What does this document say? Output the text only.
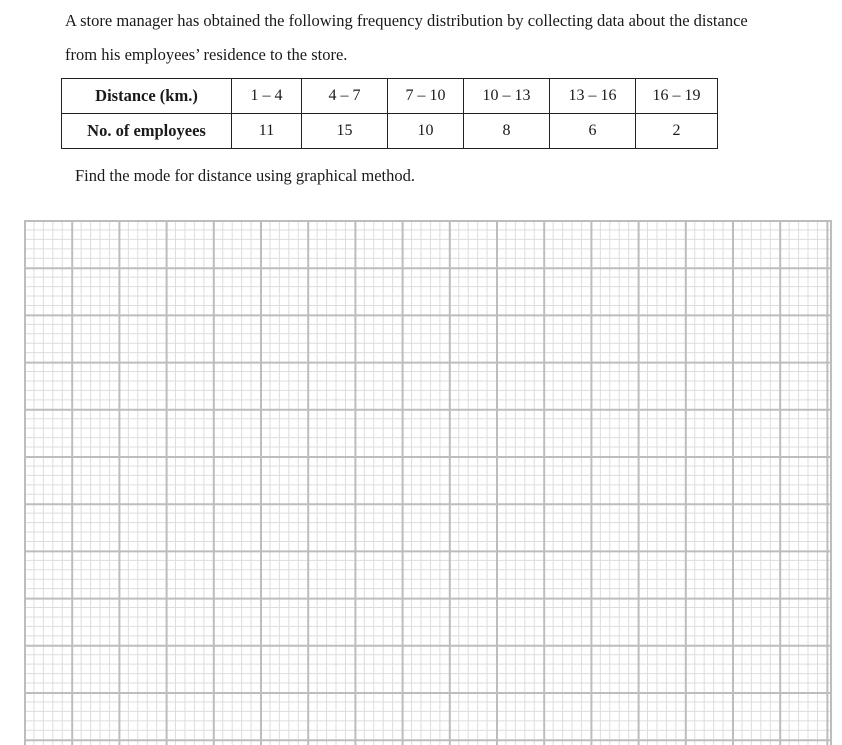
A store manager has obtained the following frequency distribution by collecting data about the distance
from his employees’ residence to the store.

Distance (km.)	1 – 4	4 – 7	7 – 10	10 – 13	13 – 16	16 – 19
No. of employees	11	15	10	8	6	2

Find the mode for distance using graphical method.
